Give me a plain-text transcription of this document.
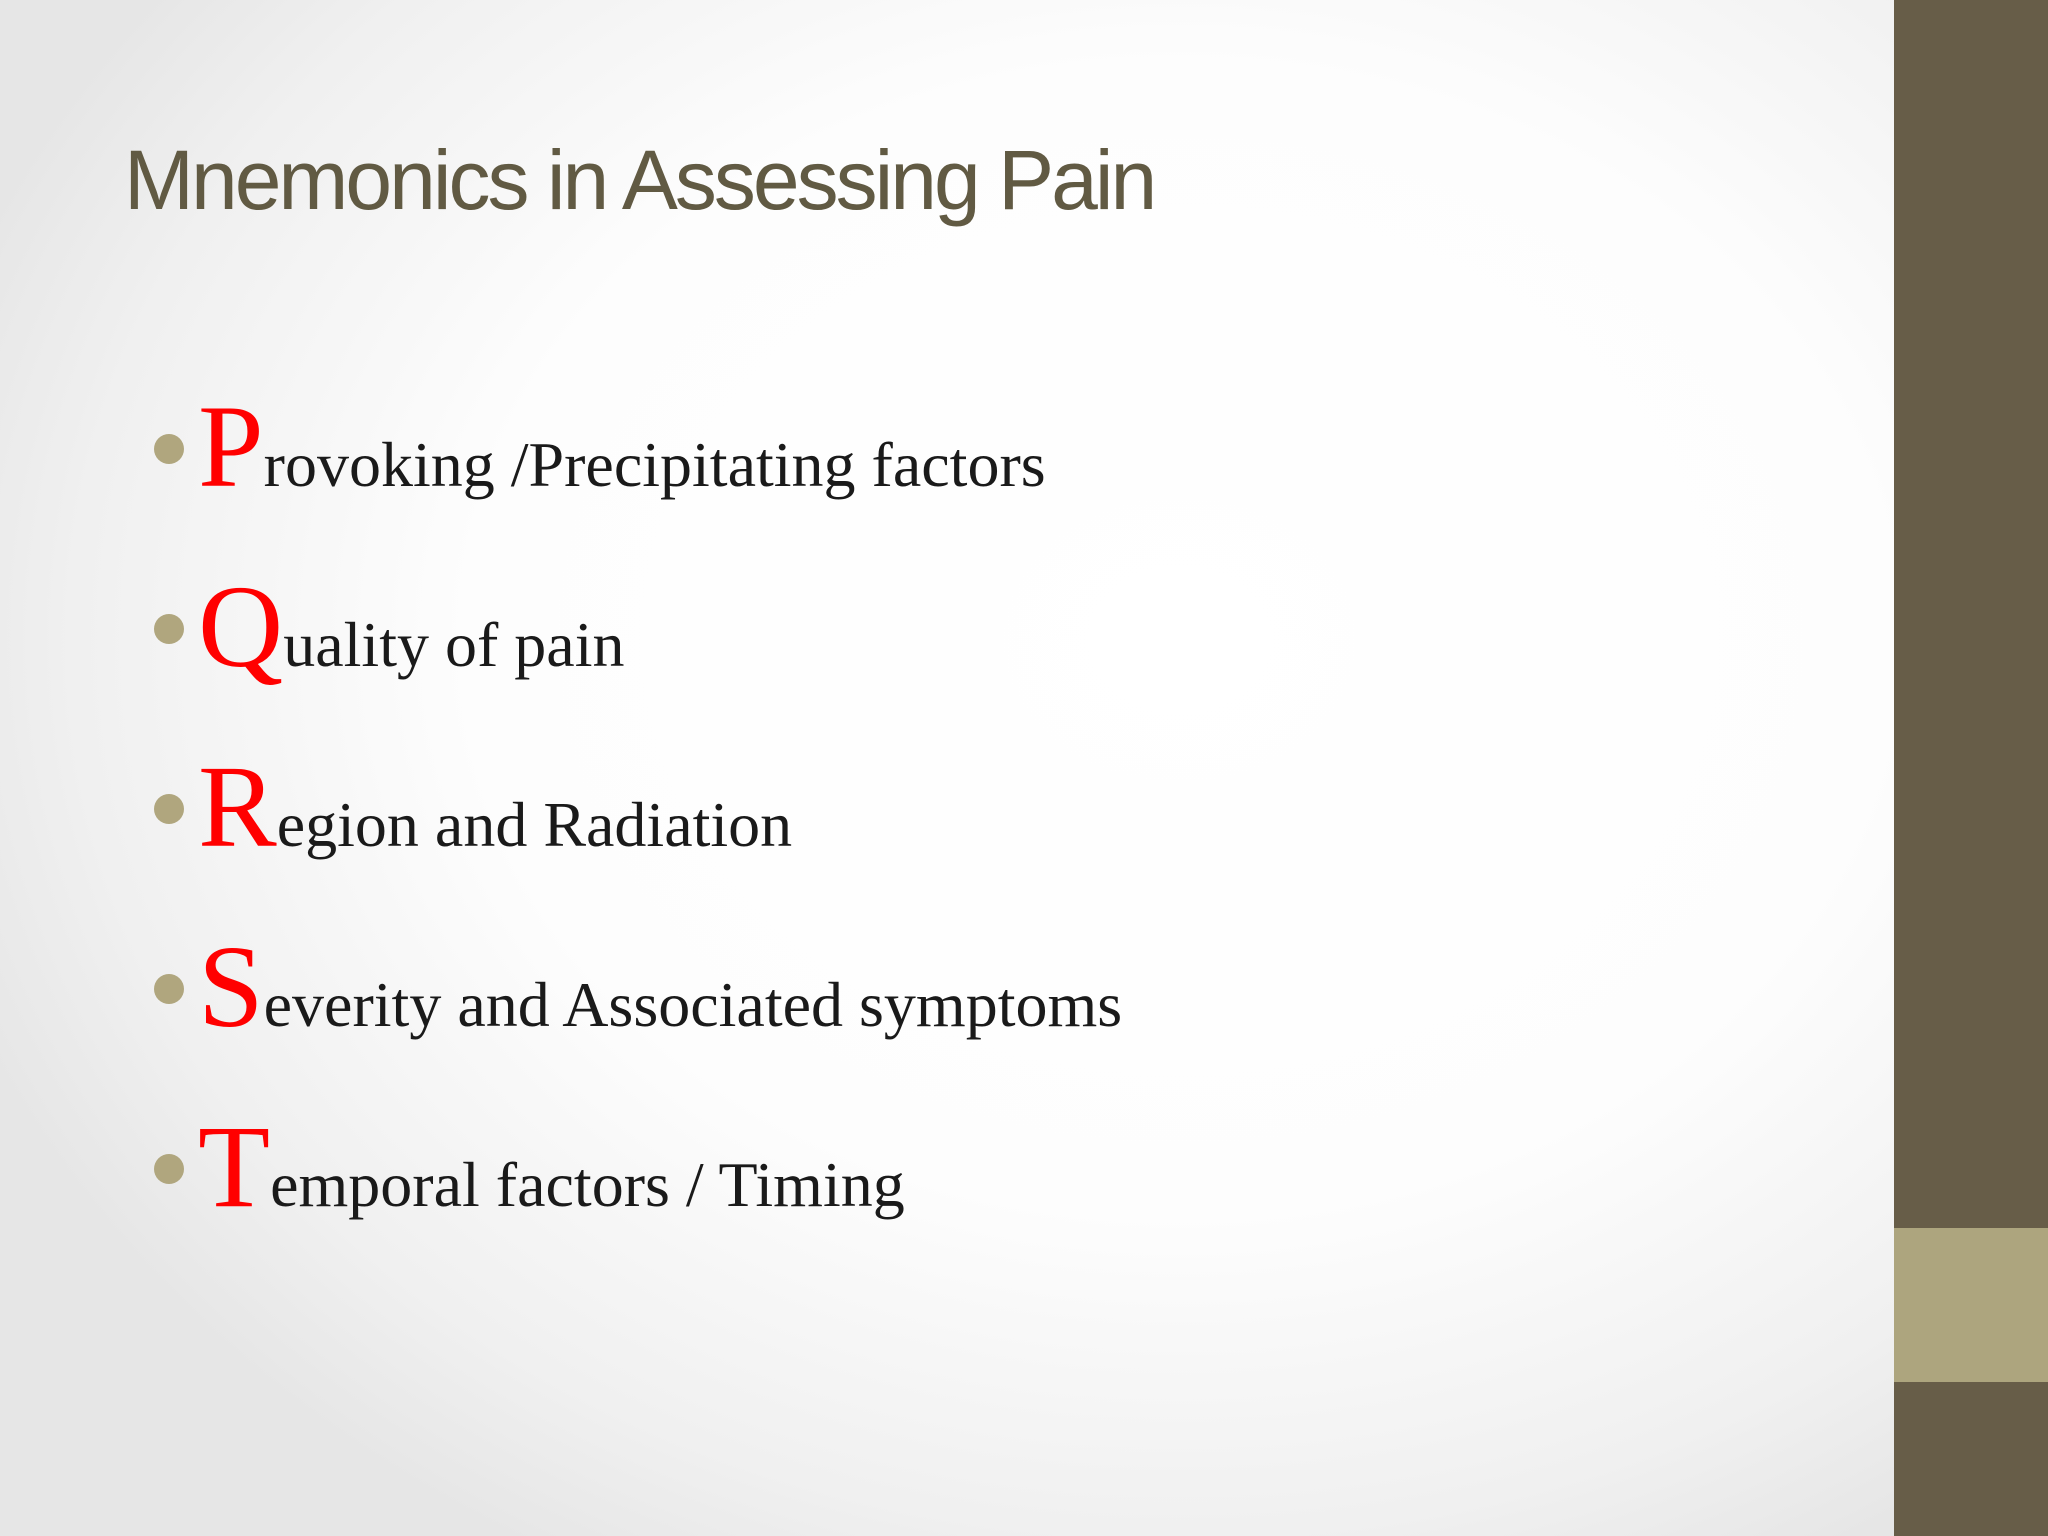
Mnemonics in Assessing Pain
Provoking /Precipitating factors
Quality of pain
Region and Radiation
Severity and Associated symptoms
Temporal factors / Timing
